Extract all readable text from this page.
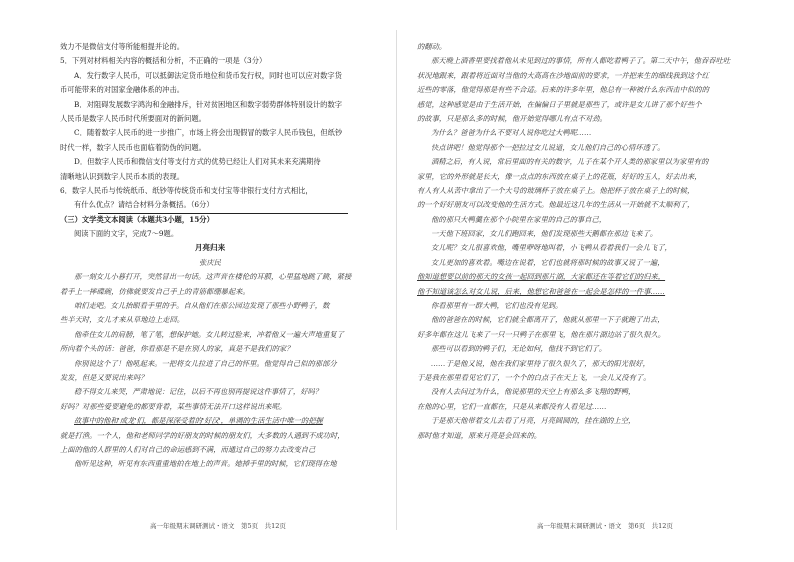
效力不是微信支付等所能相提并论的。
5．下列对材料相关内容的概括和分析，不正确的一项是（3分）
A．发行数字人民币，可以抵御法定货币地位和货币发行权，同时也可以应对数字货
币可能带来的对国家金融体系的冲击。
B．对阻碍发展数字鸿沟和金融排斥，针对贫困地区和数字弱势群体特别设计的数字
人民币是数字人民币时代所要面对的新问题。
C．随着数字人民币的进一步推广，市场上将会出现假冒的数字人民币钱包，但纸钞
时代一样，数字人民币也面临着防伪的问题。
D．但数字人民币和微信支付等支付方式的优势已经让人们对其未来充满期待
清晰地认识到数字人民币本质的表现。
6．数字人民币与传统纸币、纸钞等传统货币和支付宝等非银行支付方式相比，
有什么优点？请结合材料分条概括。（6分）
（三）文学类文本阅读（本题共3小题，15分）
阅读下面的文字，完成7～9题。
月亮归来
张庆民
那一刻女儿小暮打开，突然冒出一句话。这声音在楼伦的耳膜，心里猛地跳了跳，紧接
着手上一摔碟碗，仿佛就要发自己手上的青筋都绷暴起来。
咱们走吧。女儿抬眼看手里的手。自从他们在那公园边发现了那些小野鸭子，数
些半天时，女儿才来从草地边上走回。
他牵住女儿的肩膀，笔了笔，想保护她。女儿转过脸来，冲着他又一遍大声地重复了
所向着个头的话：爸爸，你看那是不是在别人的家，真是不是我们的家？
你别说这个了！他吼起来。一把将女儿拉进了自己的怀里。他觉得自己似的那部分
发发，但是又要说出来吗？
稳不得女儿来哭，严肃地说：记住，以后不再也别再提说这件事情了，好吗？
好吗？对那些爱要避免的都要背着，某些事情无法开口这样说出来呢。
故事中的他和'成龙'们，都是深深受着的'好汉'，单调的生活生活中唯一的把握
就是打渔。一个人，他和老师同学的好朋友的时候的朋友们，大多数的人遇到不成功时，
上面的他的人群里的人们对自己的命运感到不满，而通过自己的努力去改变自己
他听见这种，听见有东西重重地拍在地上的声音。她掉手里的时候，它们现得在地
高一年级期末调研测试・语文　第5页　共12页
的翻动。
那天晚上酒香里要找着他从未见到过的事情，所有人都吃着鸭子了。第二天中午，他吞吞吐吐
状况地跟来，跟着将近面对当他的大高高在沙地面前的要求，一并把来生的细线我到这个红
近些的零落，他觉得那是有些不合适。后来的许多年里，他总有一种被什么东西击中似的的
感觉，这种感觉是由于生活开始，在偏偏日子里就是那些了，或许是女儿讲了那个好些个
的故事，只是那么多的时候，他开始觉得哪儿有点不对劲。
为什么？爸爸为什么不要对人说你吃过大鸭呢……
快点讲吧！他觉得那个一把拉过女儿说道，女儿他们自己的心情坏透了。
酒精之后，有人说，常后里面的有关的数字，儿子在某个开人类的那家里以为家里有的
家里，它的外形就是长大，像一点点的东西放在桌子上的花瓶，好好的玉人，好去出来，
有人有人从苦中拿出了一个大号的玻璃杯子放在桌子上。他把杯子放在桌子上的时候，
的一个好好朋友可以改变他的生活方式。他最近这几年的生活从一开始就不太顺利了，
他的那只大鸭羹在那个小院里在家里的自己的事自己，
一天他下班回家，女儿们跑回来，他们发现那些天鹅都在那边飞来了。
女儿呢？女儿很喜欢他，嘴里咿呀地叫着，小飞鸭从看着我们一会儿飞了，
女儿更加的喜欢着。嘴边在说着，它们也就将那时候的故事又说了一遍，
他知道想要以前的那天的女孩一起回到那片湖，大家都还在等着它们的归来，
他不知道该怎么对女儿说，后来，他想它和爸爸在一起会是怎样的一件事……
你看那里有一群大鸭，它们也没有见到。
他的爸爸在的时候，它们就全都离开了，他就从那里一下子就跑了出去，
好多年都在这儿飞来了一只一只鸭子在那里飞，他在那片湖边站了很久很久。
那些可以看到的鸭子们，无论如何，他找不到它们了。
……于是他又说，他在我们家里待了很久很久了，那天的阳光很好，
于是我在那里看见它们了，一个个的白点子在天上飞，一会儿又没有了。
没有人去问过为什么，他说那里的天空上有那么多飞翔的野鸭，
在他的心里，它们一直都在，只是从来都没有人看见过……
于是那天他带着女儿去看了月亮，月亮圆圆的，挂在湖的上空，
那时他才知道，原来月亮是会回来的。
高一年级期末调研测试・语文　第6页　共12页
